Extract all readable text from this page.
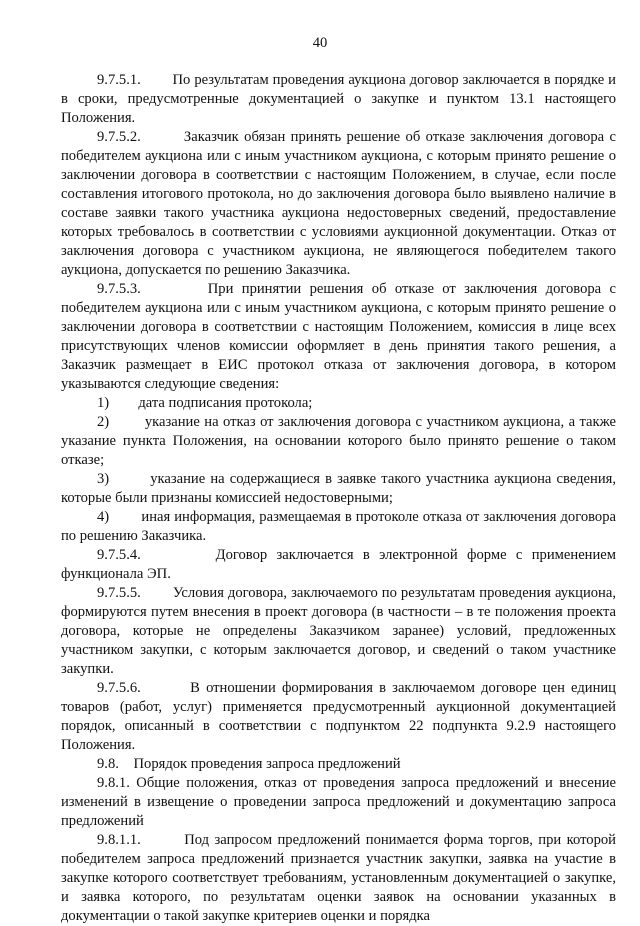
40

9.7.5.1.        По результатам проведения аукциона договор заключается в порядке и в сроки, предусмотренные документацией о закупке и пунктом 13.1 настоящего Положения.

9.7.5.2.        Заказчик обязан принять решение об отказе заключения договора с победителем аукциона или с иным участником аукциона, с которым принято решение о заключении договора в соответствии с настоящим Положением, в случае, если после составления итогового протокола, но до заключения договора было выявлено наличие в составе заявки такого участника аукциона недостоверных сведений, предоставление которых требовалось в соответствии с условиями аукционной документации. Отказ от заключения договора с участником аукциона, не являющегося победителем такого аукциона, допускается по решению Заказчика.

9.7.5.3.        При принятии решения об отказе от заключения договора с победителем аукциона или с иным участником аукциона, с которым принято решение о заключении договора в соответствии с настоящим Положением, комиссия в лице всех присутствующих членов комиссии оформляет в день принятия такого решения, а Заказчик размещает в ЕИС протокол отказа от заключения договора, в котором указываются следующие сведения:

1)        дата подписания протокола;

2)        указание на отказ от заключения договора с участником аукциона, а также указание пункта Положения, на основании которого было принято решение о таком отказе;

3)        указание на содержащиеся в заявке такого участника аукциона сведения, которые были признаны комиссией недостоверными;

4)        иная информация, размещаемая в протоколе отказа от заключения договора по решению Заказчика.

9.7.5.4.        Договор заключается в электронной форме с применением функционала ЭП.

9.7.5.5.        Условия договора, заключаемого по результатам проведения аукциона, формируются путем внесения в проект договора (в частности – в те положения проекта договора, которые не определены Заказчиком заранее) условий, предложенных участником закупки, с которым заключается договор, и сведений о таком участнике закупки.

9.7.5.6.        В отношении формирования в заключаемом договоре цен единиц товаров (работ, услуг) применяется предусмотренный аукционной документацией порядок, описанный в соответствии с подпунктом 22 подпункта 9.2.9 настоящего Положения.

9.8.    Порядок проведения запроса предложений

9.8.1. Общие положения, отказ от проведения запроса предложений и внесение изменений в извещение о проведении запроса предложений и документацию запроса предложений

9.8.1.1.        Под запросом предложений понимается форма торгов, при которой победителем запроса предложений признается участник закупки, заявка на участие в закупке которого соответствует требованиям, установленным документацией о закупке, и заявка которого, по результатам оценки заявок на основании указанных в документации о такой закупке критериев оценки и порядка
